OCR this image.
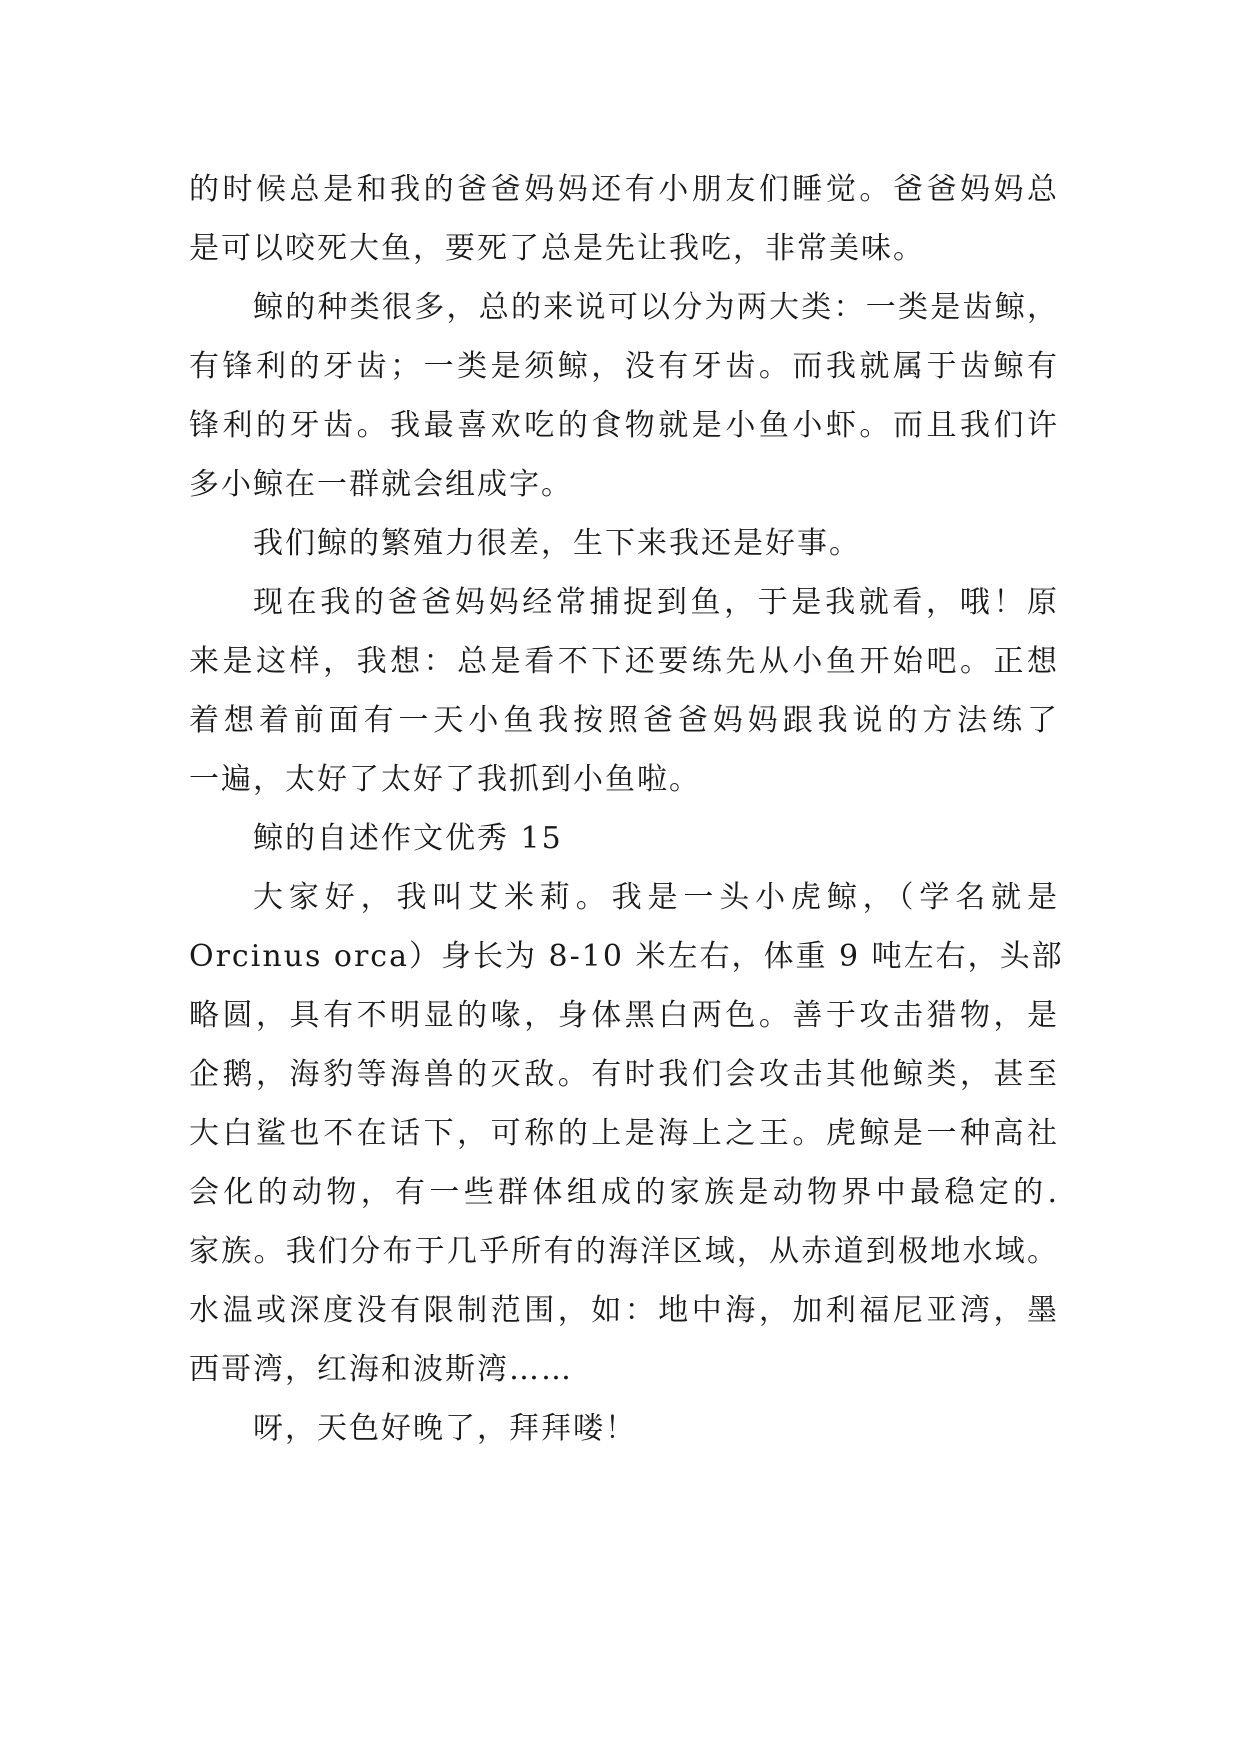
的时候总是和我的爸爸妈妈还有小朋友们睡觉。爸爸妈妈总
是可以咬死大鱼，要死了总是先让我吃，非常美味。
鲸的种类很多，总的来说可以分为两大类：一类是齿鲸，
有锋利的牙齿；一类是须鲸，没有牙齿。而我就属于齿鲸有
锋利的牙齿。我最喜欢吃的食物就是小鱼小虾。而且我们许
多小鲸在一群就会组成字。
我们鲸的繁殖力很差，生下来我还是好事。
现在我的爸爸妈妈经常捕捉到鱼，于是我就看，哦！原
来是这样，我想：总是看不下还要练先从小鱼开始吧。正想
着想着前面有一天小鱼我按照爸爸妈妈跟我说的方法练了
一遍，太好了太好了我抓到小鱼啦。
鲸的自述作文优秀 15
大家好，我叫艾米莉。我是一头小虎鲸，（学名就是
Orcinus orca）身长为 8-10 米左右，体重 9 吨左右，头部
略圆，具有不明显的喙，身体黑白两色。善于攻击猎物，是
企鹅，海豹等海兽的灭敌。有时我们会攻击其他鲸类，甚至
大白鲨也不在话下，可称的上是海上之王。虎鲸是一种高社
会化的动物，有一些群体组成的家族是动物界中最稳定的.
家族。我们分布于几乎所有的海洋区域，从赤道到极地水域。
水温或深度没有限制范围，如：地中海，加利福尼亚湾，墨
西哥湾，红海和波斯湾……
呀，天色好晚了，拜拜喽！
